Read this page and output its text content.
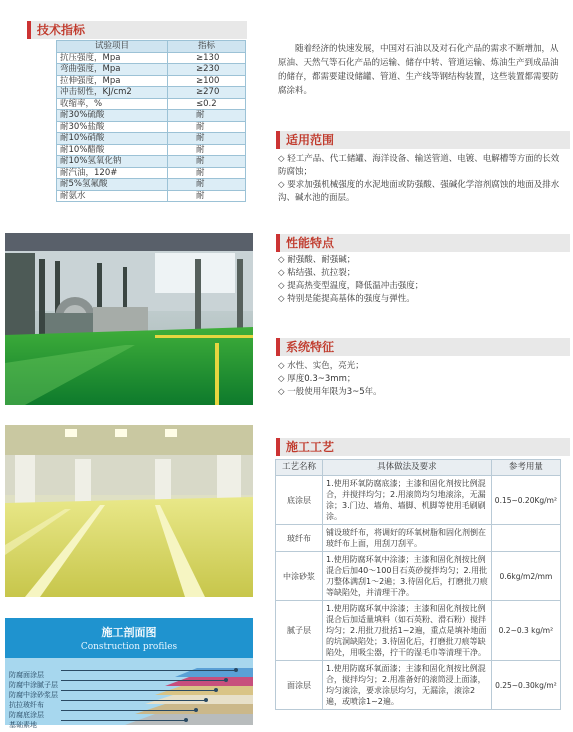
技术指标
试验项目	指标
抗压强度，Mpa	≥130
弯曲强度，Mpa	≥230
拉伸强度，Mpa	≥100
冲击韧性，KJ/cm2	≥270
收缩率，%	≤0.2
耐30%硫酸	耐
耐30%盐酸	耐
耐10%硝酸	耐
耐10%醋酸	耐
耐10%氢氧化钠	耐
耐汽油，120#	耐
耐5%氢氟酸	耐
耐氨水	耐
施工剖面图
Construction profiles
防腐面涂层
防腐中涂腻子层
防腐中涂砂浆层
抗拉玻纤布
防腐底涂层
基础素地
随着经济的快速发展，中国对石油以及对石化产品的需求不断增加，从原油、天然气等石化产品的运输、储存中转、管道运输、炼油生产到成品油的储存，都需要建设储罐、管道、生产线等钢结构装置，这些装置都需要防腐涂料。
适用范围
◇ 轻工产品、代工储罐、海洋设备、输送管道、电镀、电解槽等方面的长效防腐蚀；
◇ 要求加强机械强度的水泥地面或防强酸、强碱化学溶剂腐蚀的地面及排水沟、碱水池的面层。
性能特点
◇ 耐强酸、耐强碱；
◇ 粘结强、抗拉裂；
◇ 提高热变型温度，降低温冲击强度；
◇ 特别是能提高基体的强度与弹性。
系统特征
◇ 水性、实色，亮光；
◇ 厚度0.3~3mm；
◇ 一般使用年限为3~5年。
施工工艺
工艺名称	具体做法及要求	参考用量
底涂层	1.使用环氧防腐底漆；主漆和固化剂按比例混合，并搅拌均匀；2.用滚筒均匀地滚涂，无漏涂；3.门边、墙角、墙脚、机脚等使用毛刷刷涂。	0.15~0.20Kg/m²
玻纤布	铺设玻纤布，将调好的环氧树脂和固化剂倒在玻纤布上面，用刮刀刮平。	
中涂砂浆	1.使用防腐环氧中涂漆；主漆和固化剂按比例混合后加40～100目石英砂搅拌均匀；2.用批刀整体满刮1～2遍；3.待固化后，打磨批刀痕等缺陷处，并清理干净。	0.6kg/m2/mm
腻子层	1.使用防腐环氧中涂漆；主漆和固化剂按比例混合后加适量填料（如石英粉、滑石粉）搅拌均匀；2.用批刀批括1~2遍，重点是填补地面的坑洞缺陷处；3.待固化后，打磨批刀痕等缺陷处，用吸尘器，拧干的湿毛巾等清理干净。	0.2~0.3 kg/m²
面涂层	1.使用防腐环氧面漆；主漆和固化剂按比例混合，搅拌均匀；2.用准备好的滚筒浸上面漆，均匀滚涂，要求涂层均匀，无漏涂，滚涂2遍，或喷涂1~2遍。	0.25~0.30kg/m²
